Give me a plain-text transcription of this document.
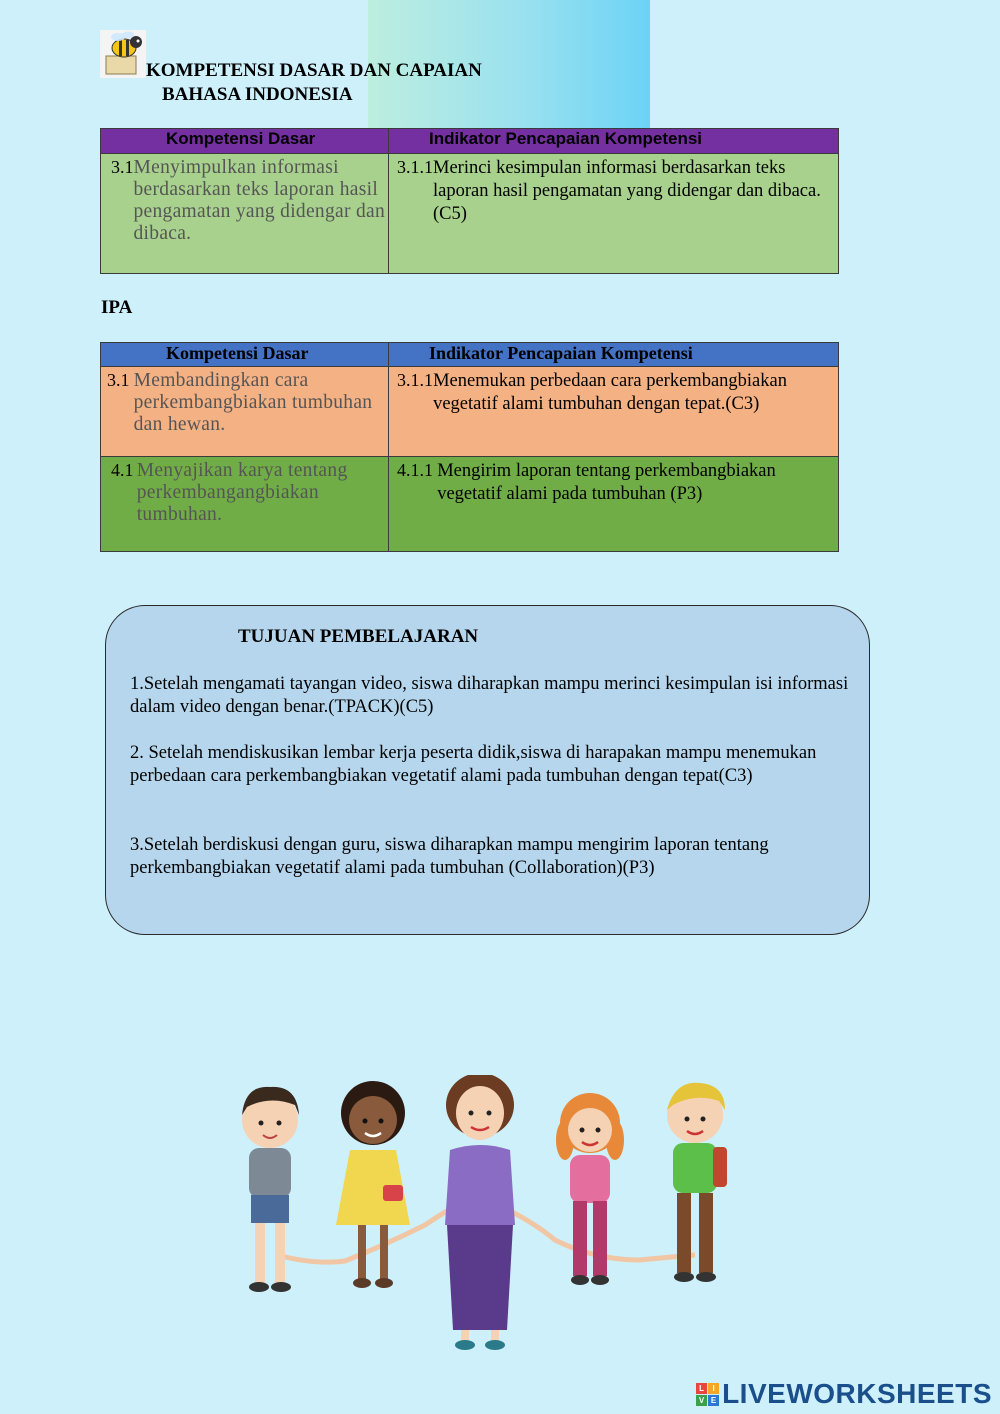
KOMPETENSI DASAR DAN CAPAIAN
BAHASA INDONESIA
Kompetensi Dasar	Indikator Pencapaian Kompetensi

3.1 Menyimpulkan informasi berdasarkan teks laporan hasil pengamatan yang didengar dan dibaca.	3.1.1 Merinci kesimpulan informasi berdasarkan teks laporan hasil pengamatan yang didengar dan dibaca.(C5)
IPA
Kompetensi Dasar	Indikator Pencapaian Kompetensi

3.1 Membandingkan cara perkembangbiakan tumbuhan dan hewan.	3.1.1 Menemukan perbedaan cara perkembangbiakan vegetatif alami tumbuhan dengan tepat.(C3)

4.1 Menyajikan karya tentang perkembangangbiakan tumbuhan.	4.1.1 Mengirim laporan tentang perkembangbiakan vegetatif alami pada tumbuhan (P3)
TUJUAN PEMBELAJARAN

1.Setelah mengamati tayangan video, siswa diharapkan mampu merinci kesimpulan isi informasi dalam video dengan benar.(TPACK)(C5)

2. Setelah mendiskusikan lembar kerja peserta didik,siswa di harapakan mampu menemukan perbedaan cara perkembangbiakan vegetatif alami pada tumbuhan dengan tepat(C3)

3.Setelah berdiskusi dengan guru, siswa diharapkan mampu mengirim laporan tentang perkembangbiakan vegetatif alami pada tumbuhan (Collaboration)(P3)

L	I
V E LIVEWORKSHEETS
